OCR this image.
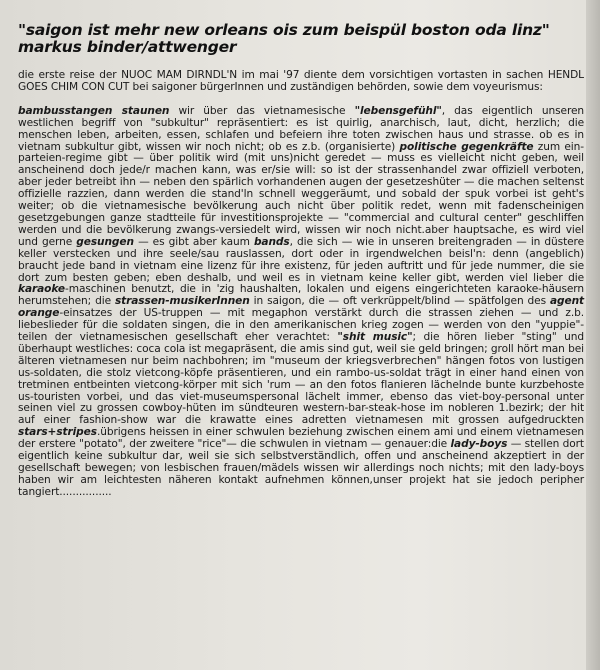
"saigon ist mehr new orleans ois zum beispül boston oda linz"
markus binder/attwenger

die erste reise der NUOC MAM DIRNDL'N im mai '97 diente dem vorsichtigen vortasten in sachen HENDL GOES CHIM CON CUT bei saigoner bürgerInnen und zuständigen behörden, sowie dem voyeurismus:

bambusstangen staunen wir über das vietnamesische "lebensgefühl", das eigentlich unseren westlichen begriff von "subkultur" repräsentiert: es ist quirlig, anarchisch, laut, dicht, herzlich; die menschen leben, arbeiten, essen, schlafen und befeiern ihre toten zwischen haus und strasse. ob es in vietnam subkultur gibt, wissen wir noch nicht; ob es z.b. (organisierte) politische gegenkräfte zum ein-parteien-regime gibt — über politik wird (mit uns)nicht geredet — muss es vielleicht nicht geben, weil anscheinend doch jede/r machen kann, was er/sie will: so ist der strassenhandel zwar offiziell verboten, aber jeder betreibt ihn — neben den spärlich vorhandenen augen der gesetzeshüter — die machen seltenst offizielle razzien, dann werden die stand'ln schnell weggeräumt, und sobald der spuk vorbei ist geht's weiter; ob die vietnamesische bevölkerung auch nicht über politik redet, wenn mit fadenscheinigen gesetzgebungen ganze stadtteile für investitionsprojekte — "commercial and cultural center" geschliffen werden und die bevölkerung zwangs-versiedelt wird, wissen wir noch nicht.aber hauptsache, es wird viel und gerne gesungen — es gibt aber kaum bands, die sich — wie in unseren breitengraden — in düstere keller verstecken und ihre seele/sau rauslassen, dort oder in irgendwelchen beisl'n: denn (angeblich) braucht jede band in vietnam eine lizenz für ihre existenz, für jeden auftritt und für jede nummer, die sie dort zum besten geben; eben deshalb, und weil es in vietnam keine keller gibt, werden viel lieber die karaoke-maschinen benutzt, die in 'zig haushalten, lokalen und eigens eingerichteten karaoke-häusern herumstehen; die strassen-musikerInnen in saigon, die — oft verkrüppelt/blind — spätfolgen des agent orange-einsatzes der US-truppen — mit megaphon verstärkt durch die strassen ziehen — und z.b. liebeslieder für die soldaten singen, die in den amerikanischen krieg zogen — werden von den "yuppie"-teilen der vietnamesischen gesellschaft eher verachtet: "shit music"; die hören lieber "sting" und überhaupt westliches: coca cola ist megapräsent, die amis sind gut, weil sie geld bringen; groll hört man bei älteren vietnamesen nur beim nachbohren; im "museum der kriegsverbrechen" hängen fotos von lustigen us-soldaten, die stolz vietcong-köpfe präsentieren, und ein rambo-us-soldat trägt in einer hand einen von tretminen entbeinten vietcong-körper mit sich 'rum — an den fotos flanieren lächelnde bunte kurzbehoste us-touristen vorbei, und das viet-museumspersonal lächelt immer, ebenso das viet-boy-personal unter seinen viel zu grossen cowboy-hüten im sündteuren western-bar-steak-hose im nobleren 1.bezirk; der hit auf einer fashion-show war die krawatte eines adretten vietnamesen mit grossen aufgedruckten stars+stripes.übrigens heissen in einer schwulen beziehung zwischen einem ami und einem vietnamesen der erstere "potato", der zweitere "rice"— die schwulen in vietnam — genauer:die lady-boys — stellen dort eigentlich keine subkultur dar, weil sie sich selbstverständlich, offen und anscheinend akzeptiert in der gesellschaft bewegen; von lesbischen frauen/mädels wissen wir allerdings noch nichts; mit den lady-boys haben wir am leichtesten näheren kontakt aufnehmen können,unser projekt hat sie jedoch peripher tangiert................
